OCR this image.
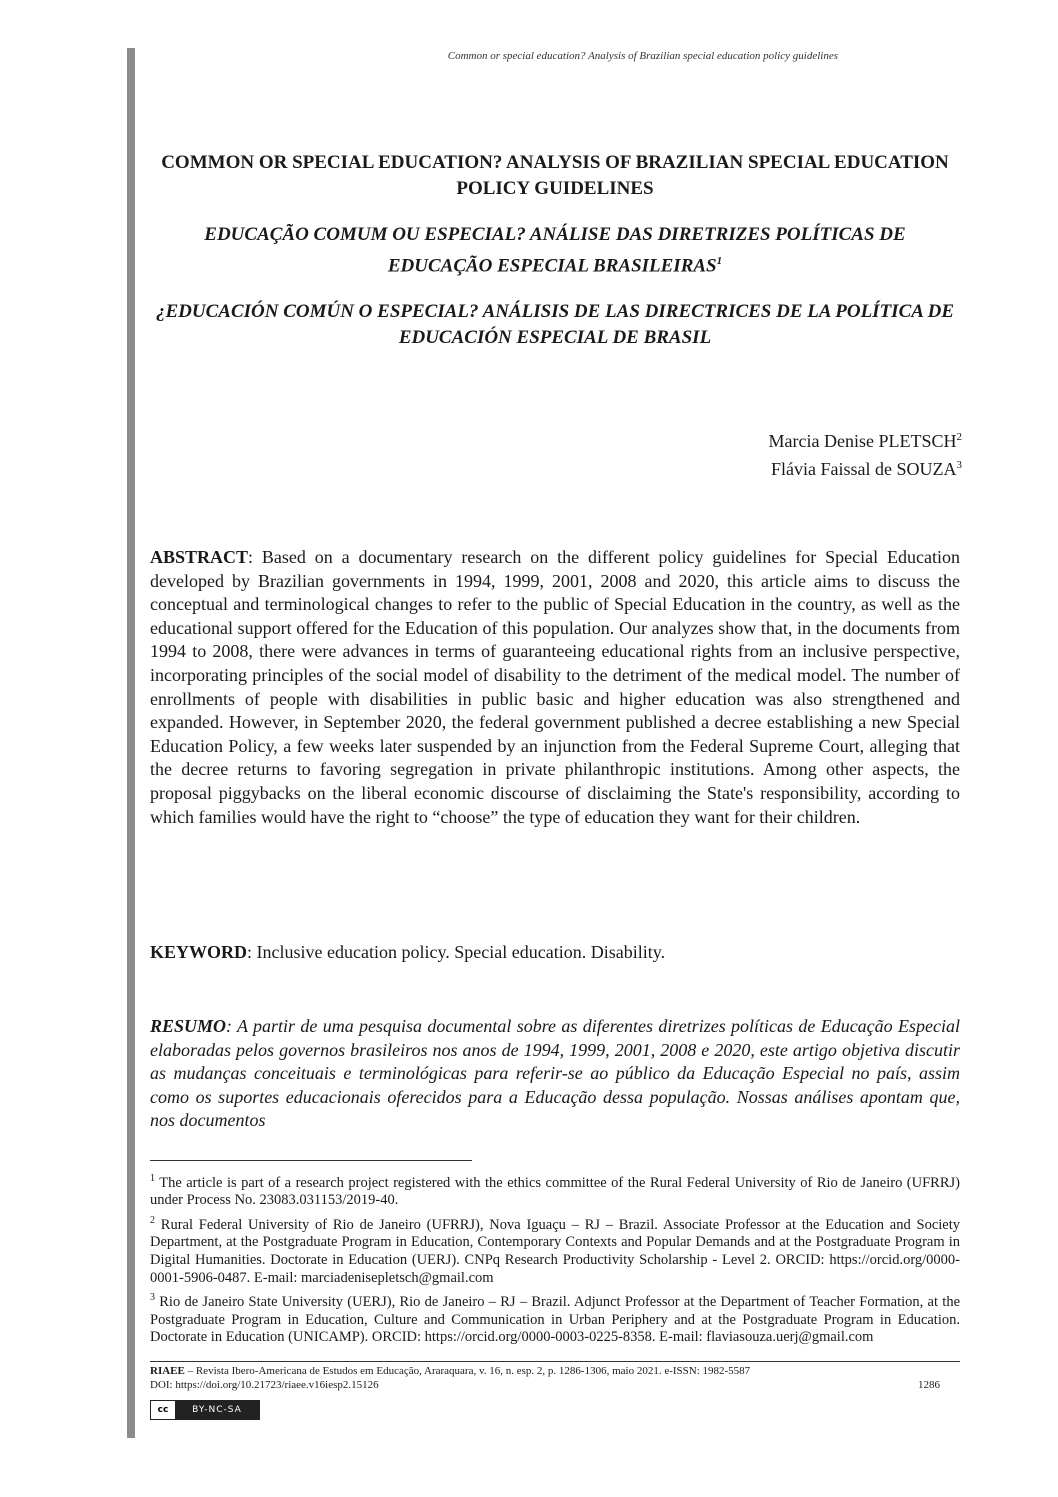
Common or special education? Analysis of Brazilian special education policy guidelines
COMMON OR SPECIAL EDUCATION? ANALYSIS OF BRAZILIAN SPECIAL EDUCATION POLICY GUIDELINES
EDUCAÇÃO COMUM OU ESPECIAL? ANÁLISE DAS DIRETRIZES POLÍTICAS DE EDUCAÇÃO ESPECIAL BRASILEIRAS$^1$
¿EDUCACIÓN COMÚN O ESPECIAL? ANÁLISIS DE LAS DIRECTRICES DE LA POLÍTICA DE EDUCACIÓN ESPECIAL DE BRASIL
Marcia Denise PLETSCH$^2$
Flávia Faissal de SOUZA$^3$
ABSTRACT: Based on a documentary research on the different policy guidelines for Special Education developed by Brazilian governments in 1994, 1999, 2001, 2008 and 2020, this article aims to discuss the conceptual and terminological changes to refer to the public of Special Education in the country, as well as the educational support offered for the Education of this population. Our analyzes show that, in the documents from 1994 to 2008, there were advances in terms of guaranteeing educational rights from an inclusive perspective, incorporating principles of the social model of disability to the detriment of the medical model. The number of enrollments of people with disabilities in public basic and higher education was also strengthened and expanded. However, in September 2020, the federal government published a decree establishing a new Special Education Policy, a few weeks later suspended by an injunction from the Federal Supreme Court, alleging that the decree returns to favoring segregation in private philanthropic institutions. Among other aspects, the proposal piggybacks on the liberal economic discourse of disclaiming the State's responsibility, according to which families would have the right to “choose” the type of education they want for their children.
KEYWORD: Inclusive education policy. Special education. Disability.
RESUMO: A partir de uma pesquisa documental sobre as diferentes diretrizes políticas de Educação Especial elaboradas pelos governos brasileiros nos anos de 1994, 1999, 2001, 2008 e 2020, este artigo objetiva discutir as mudanças conceituais e terminológicas para referir-se ao público da Educação Especial no país, assim como os suportes educacionais oferecidos para a Educação dessa população. Nossas análises apontam que, nos documentos

$^1$ The article is part of a research project registered with the ethics committee of the Rural Federal University of Rio de Janeiro (UFRRJ) under Process No. 23083.031153/2019-40.

$^2$ Rural Federal University of Rio de Janeiro (UFRRJ), Nova Iguaçu – RJ – Brazil. Associate Professor at the Education and Society Department, at the Postgraduate Program in Education, Contemporary Contexts and Popular Demands and at the Postgraduate Program in Digital Humanities. Doctorate in Education (UERJ). CNPq Research Productivity Scholarship - Level 2. ORCID: https://orcid.org/0000-0001-5906-0487. E-mail: marciadenisepletsch@gmail.com

$^3$ Rio de Janeiro State University (UERJ), Rio de Janeiro – RJ – Brazil. Adjunct Professor at the Department of Teacher Formation, at the Postgraduate Program in Education, Culture and Communication in Urban Periphery and at the Postgraduate Program in Education. Doctorate in Education (UNICAMP). ORCID: https://orcid.org/0000-0003-0225-8358. E-mail: flaviasouza.uerj@gmail.com

RIAEE – Revista Ibero-Americana de Estudos em Educação, Araraquara, v. 16, n. esp. 2, p. 1286-1306, maio 2021. e-ISSN: 1982-5587
DOI: https://doi.org/10.21723/riaee.v16iesp2.15126	1286
cc	BY-NC-SA
